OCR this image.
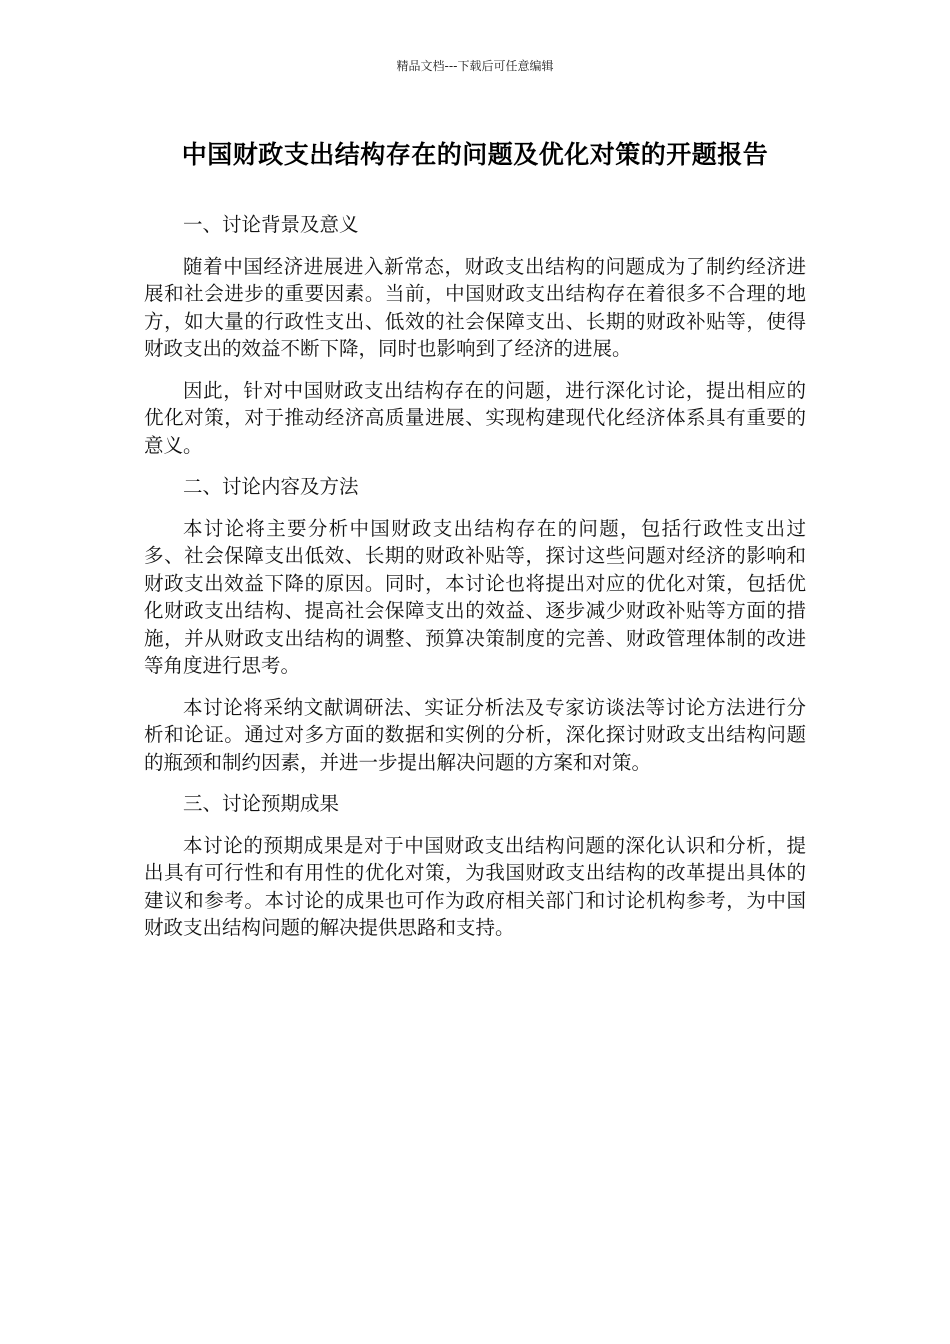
精品文档---下载后可任意编辑
中国财政支出结构存在的问题及优化对策的开题报告

一、讨论背景及意义

随着中国经济进展进入新常态，财政支出结构的问题成为了制约经济进展和社会进步的重要因素。当前，中国财政支出结构存在着很多不合理的地方，如大量的行政性支出、低效的社会保障支出、长期的财政补贴等，使得财政支出的效益不断下降，同时也影响到了经济的进展。

因此，针对中国财政支出结构存在的问题，进行深化讨论，提出相应的优化对策，对于推动经济高质量进展、实现构建现代化经济体系具有重要的意义。

二、讨论内容及方法

本讨论将主要分析中国财政支出结构存在的问题，包括行政性支出过多、社会保障支出低效、长期的财政补贴等，探讨这些问题对经济的影响和财政支出效益下降的原因。同时，本讨论也将提出对应的优化对策，包括优化财政支出结构、提高社会保障支出的效益、逐步减少财政补贴等方面的措施，并从财政支出结构的调整、预算决策制度的完善、财政管理体制的改进等角度进行思考。

本讨论将采纳文献调研法、实证分析法及专家访谈法等讨论方法进行分析和论证。通过对多方面的数据和实例的分析，深化探讨财政支出结构问题的瓶颈和制约因素，并进一步提出解决问题的方案和对策。

三、讨论预期成果

本讨论的预期成果是对于中国财政支出结构问题的深化认识和分析，提出具有可行性和有用性的优化对策，为我国财政支出结构的改革提出具体的建议和参考。本讨论的成果也可作为政府相关部门和讨论机构参考，为中国财政支出结构问题的解决提供思路和支持。
